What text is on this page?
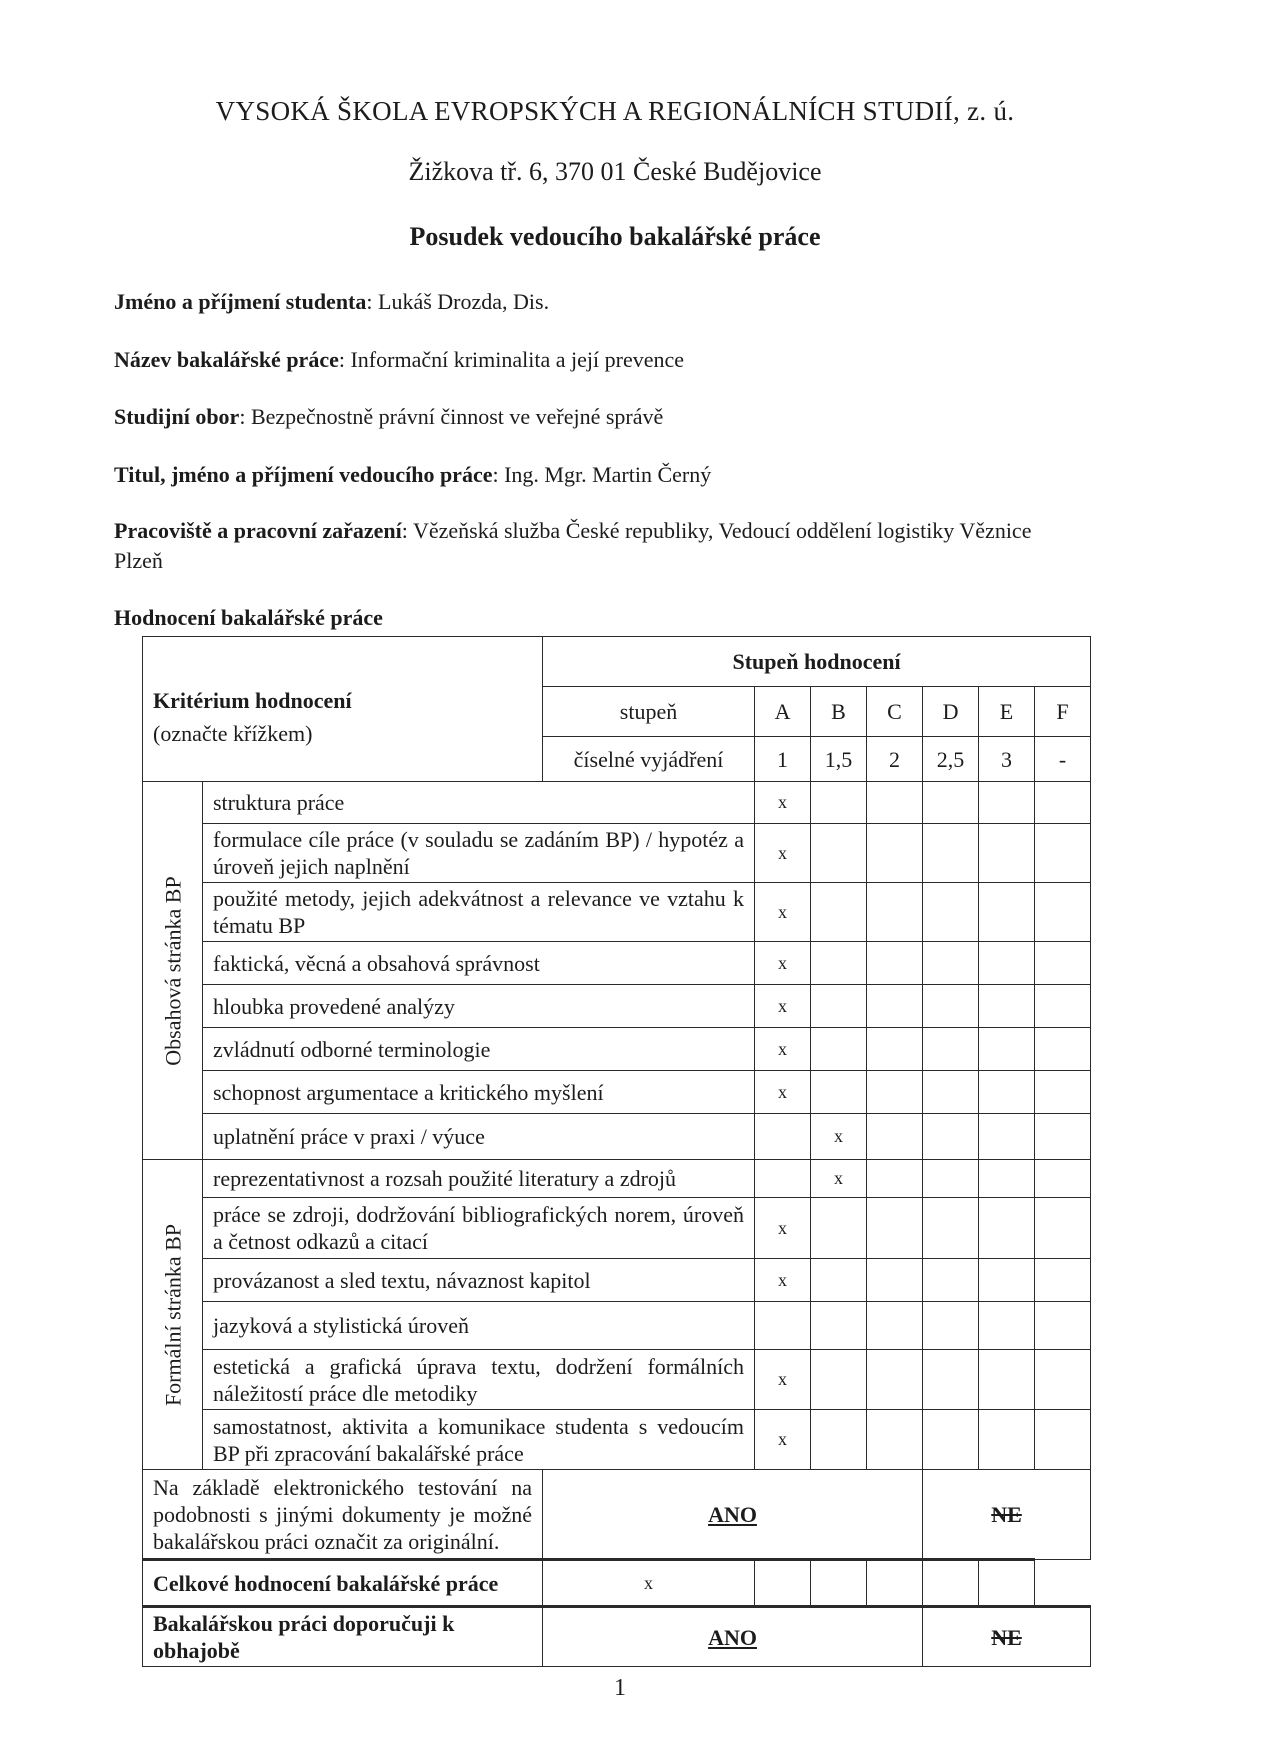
VYSOKÁ ŠKOLA EVROPSKÝCH A REGIONÁLNÍCH STUDIÍ, z. ú.
Žižkova tř. 6, 370 01 České Budějovice
Posudek vedoucího bakalářské práce
Jméno a příjmení studenta: Lukáš Drozda, Dis.
Název bakalářské práce: Informační kriminalita a její prevence
Studijní obor: Bezpečnostně právní činnost ve veřejné správě
Titul, jméno a příjmení vedoucího práce: Ing. Mgr. Martin Černý
Pracoviště a pracovní zařazení: Vězeňská služba České republiky, Vedoucí oddělení logistiky Věznice Plzeň
Hodnocení bakalářské práce
Kritérium hodnocení
(označte křížkem)		Stupeň hodnocení						
		stupeň	A	B	C	D	E	F
		číselné vyjádření	1	1,5	2	2,5	3	-

Obsahová stránka BP	struktura práce		x					
	formulace cíle práce (v souladu se zadáním BP) / hypotéz a úroveň jejich naplnění		x					
	použité metody, jejich adekvátnost a relevance ve vztahu k tématu BP		x					
	faktická, věcná a obsahová správnost		x					
	hloubka provedené analýzy		x					
	zvládnutí odborné terminologie		x					
	schopnost argumentace a kritického myšlení		x					
	uplatnění práce v praxi / výuce			x				

Formální stránka BP	reprezentativnost a rozsah použité literatury a zdrojů			x				
	práce se zdroji, dodržování bibliografických norem, úroveň a četnost odkazů a citací		x					
	provázanost a sled textu, návaznost kapitol		x					
	jazyková a stylistická úroveň							
	estetická a grafická úprava textu, dodržení formálních náležitostí práce dle metodiky		x					
	samostatnost, aktivita a komunikace studenta s vedoucím BP při zpracování bakalářské práce		x					
Na základě elektronického testování na podobnosti s jinými dokumenty je možné bakalářskou práci označit za originální.		ANO				NE		
Celkové hodnocení bakalářské práce		x						
Bakalářskou práci doporučuji k obhajobě		ANO				NE		
1
